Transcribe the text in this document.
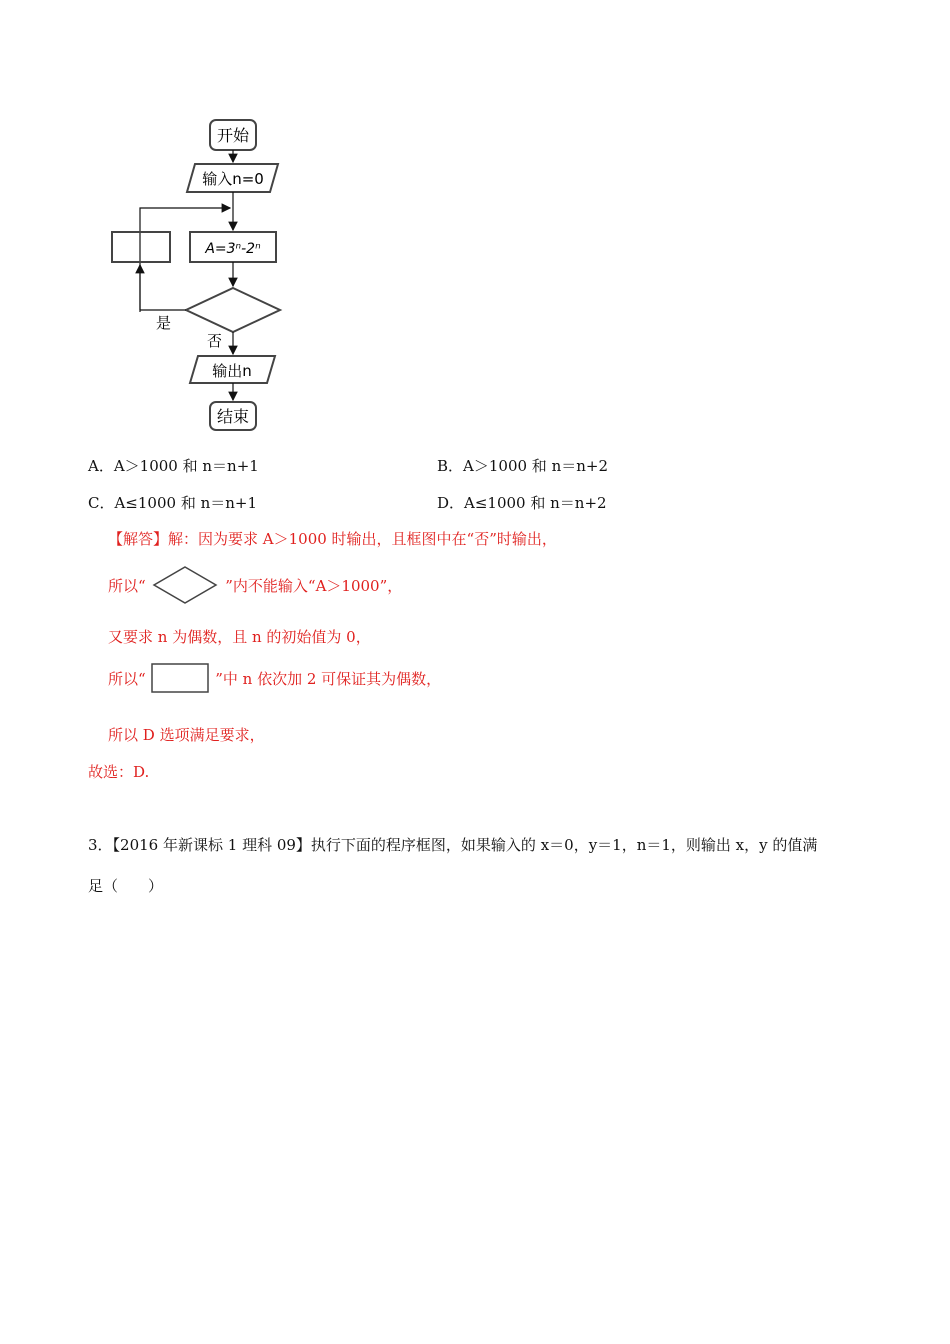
开始
输入n=0
A=3ⁿ-2ⁿ
是
否
输出n
结束
A．A＞1000 和 n＝n+1	B．A＞1000 和 n＝n+2
C．A≤1000 和 n＝n+1	D．A≤1000 和 n＝n+2
【解答】解：因为要求 A＞1000 时输出，且框图中在“否”时输出，
所以“	”内不能输入“A＞1000”，
又要求 n 为偶数，且 n 的初始值为 0，
所以“	”中 n 依次加 2 可保证其为偶数，
所以 D 选项满足要求，
故选：D.
3．【2016 年新课标 1 理科 09】执行下面的程序框图，如果输入的 x＝0，y＝1，n＝1，则输出 x，y 的值满
足（　　）
